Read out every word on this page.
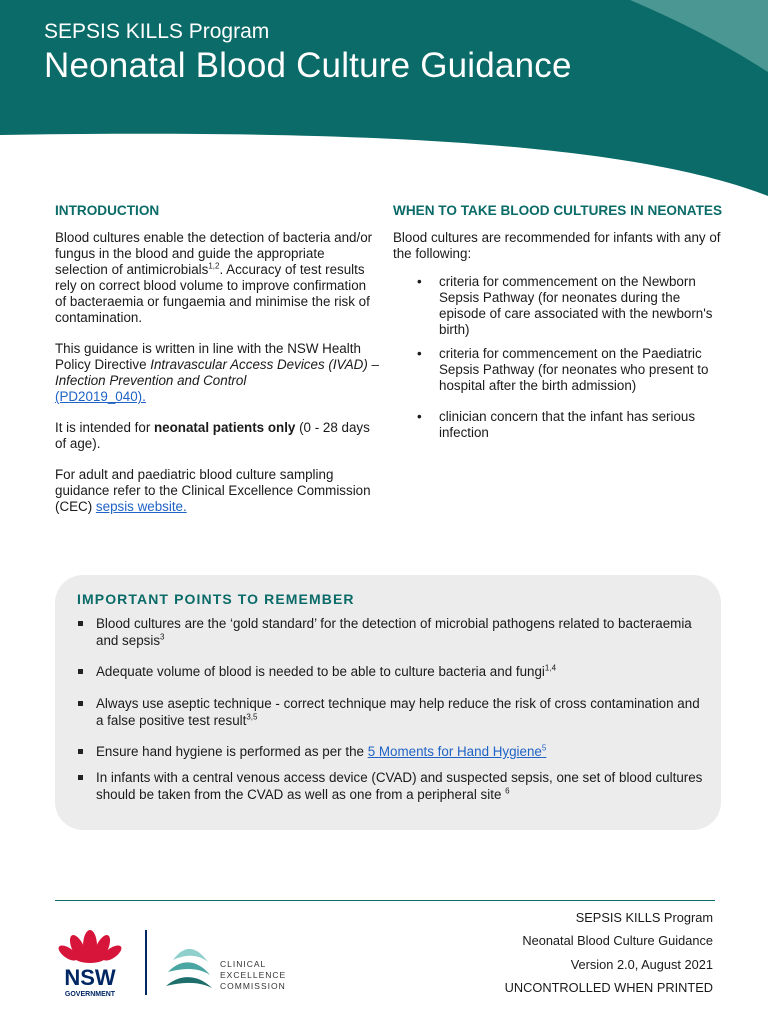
SEPSIS KILLS Program
Neonatal Blood Culture Guidance
INTRODUCTION

Blood cultures enable the detection of bacteria and/or fungus in the blood and guide the appropriate selection of antimicrobials$^{1,2}$. Accuracy of test results rely on correct blood volume to improve confirmation of bacteraemia or fungaemia and minimise the risk of contamination.

This guidance is written in line with the NSW Health Policy Directive Intravascular Access Devices (IVAD) – Infection Prevention and Control
(PD2019_040).

It is intended for neonatal patients only (0 - 28 days of age).

For adult and paediatric blood culture sampling guidance refer to the Clinical Excellence Commission (CEC) sepsis website.

WHEN TO TAKE BLOOD CULTURES IN NEONATES

Blood cultures are recommended for infants with any of the following:

• criteria for commencement on the Newborn Sepsis Pathway (for neonates during the episode of care associated with the newborn's birth)
• criteria for commencement on the Paediatric Sepsis Pathway (for neonates who present to hospital after the birth admission)
• clinician concern that the infant has serious infection
IMPORTANT POINTS TO REMEMBER
Blood cultures are the ‘gold standard’ for the detection of microbial pathogens related to bacteraemia and sepsis$^3$
Adequate volume of blood is needed to be able to culture bacteria and fungi$^{1,4}$
Always use aseptic technique - correct technique may help reduce the risk of cross contamination and a false positive test result$^{3,5}$
Ensure hand hygiene is performed as per the 5 Moments for Hand Hygiene$^5$
In infants with a central venous access device (CVAD) and suspected sepsis, one set of blood cultures should be taken from the CVAD as well as one from a peripheral site $^6$
NSW
GOVERNMENT
CLINICAL
EXCELLENCE
COMMISSION
SEPSIS KILLS Program
Neonatal Blood Culture Guidance
Version 2.0, August 2021
UNCONTROLLED WHEN PRINTED
